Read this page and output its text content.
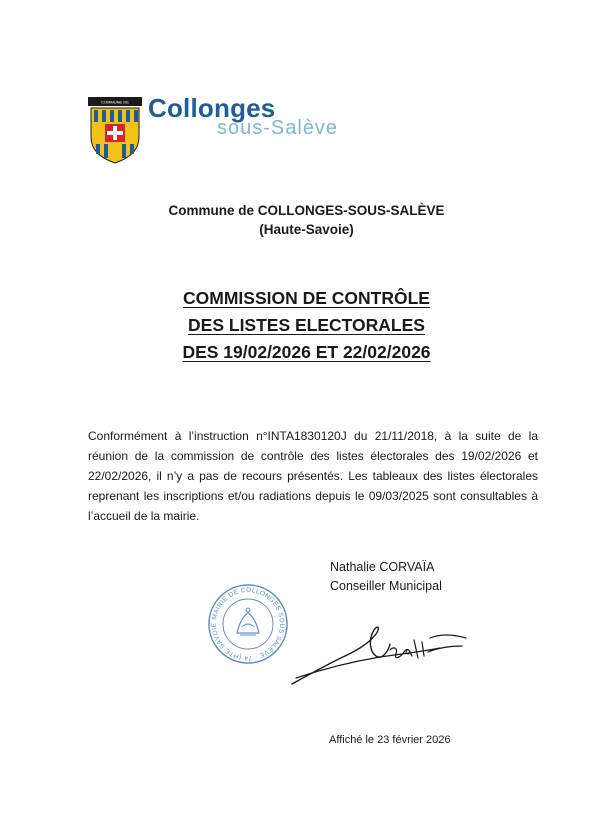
COMMUNE DE Collonges
sous-Salève
Commune de COLLONGES-SOUS-SALÈVE
(Haute-Savoie)
COMMISSION DE CONTRÔLE
DES LISTES ELECTORALES
DES 19/02/2026 ET 22/02/2026

Conformément à l’instruction n°INTA1830120J du 21/11/2018, à la suite de la réunion de la commission de contrôle des listes électorales des 19/02/2026 et 22/02/2026, il n’y a pas de recours présentés. Les tableaux des listes électorales reprenant les inscriptions et/ou radiations depuis le 09/03/2025 sont consultables à l’accueil de la mairie.

Nathalie CORVAÏA
Conseiller Municipal
MAIRIE DE COLLONGES SOUS SALÈVE · 74 (HTE SAVOIE
Affiché le 23 février 2026
